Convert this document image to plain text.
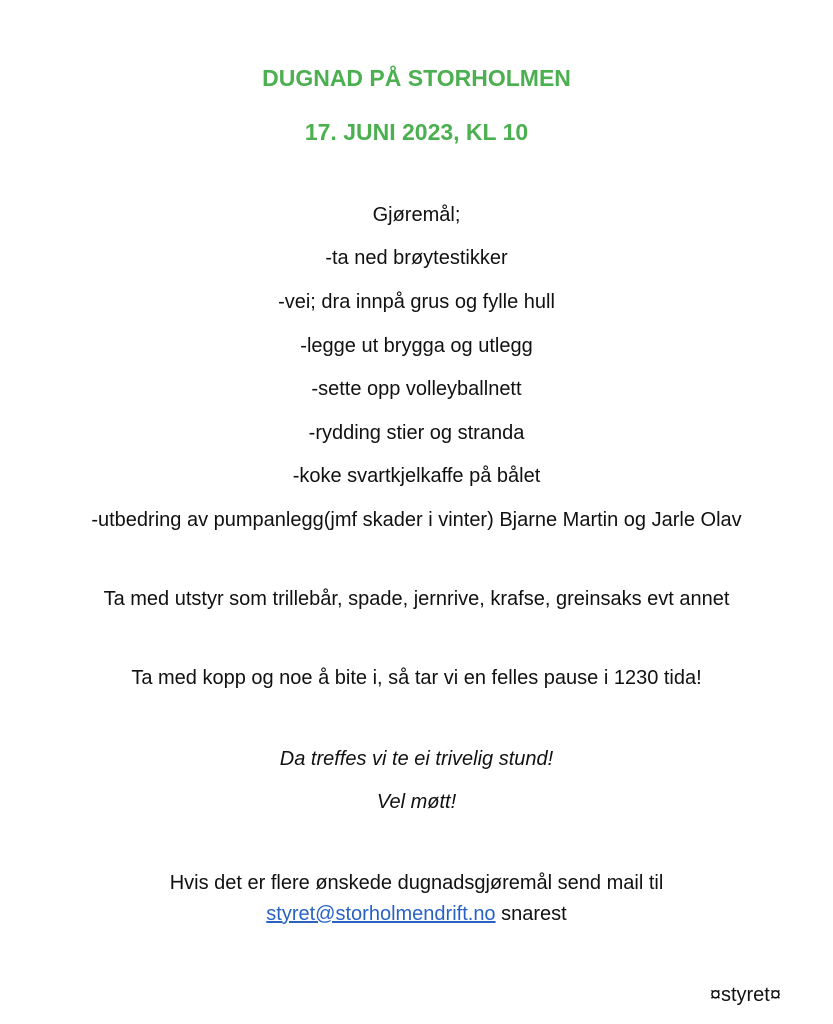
DUGNAD PÅ STORHOLMEN
17. JUNI 2023, KL 10
Gjøremål;
-ta ned brøytestikker
-vei; dra innpå grus og fylle hull
-legge ut brygga og utlegg
-sette opp volleyballnett
-rydding stier og stranda
-koke svartkjelkaffe på bålet
-utbedring av pumpanlegg(jmf skader i vinter) Bjarne Martin og Jarle Olav
Ta med utstyr som trillebår, spade, jernrive, krafse, greinsaks evt annet
Ta med kopp og noe å bite i, så tar vi en felles pause i 1230 tida!
Da treffes vi te ei trivelig stund!
Vel møtt!
Hvis det er flere ønskede dugnadsgjøremål send mail til
styret@storholmendrift.no snarest
¤styret¤
